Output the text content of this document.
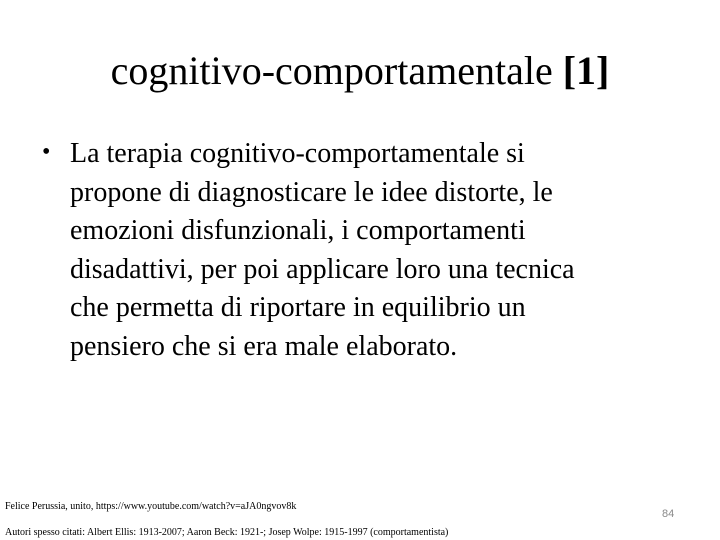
cognitivo-comportamentale [1]
• La terapia cognitivo-comportamentale si
propone di diagnosticare le idee distorte, le
emozioni disfunzionali, i comportamenti
disadattivi, per poi applicare loro una tecnica
che permetta di riportare in equilibrio un
pensiero che si era male elaborato.
Felice Perussia, unito, https://www.youtube.com/watch?v=aJA0ngvov8k
Autori spesso citati: Albert Ellis: 1913-2007; Aaron Beck: 1921-; Josep Wolpe: 1915-1997 (comportamentista)
84
